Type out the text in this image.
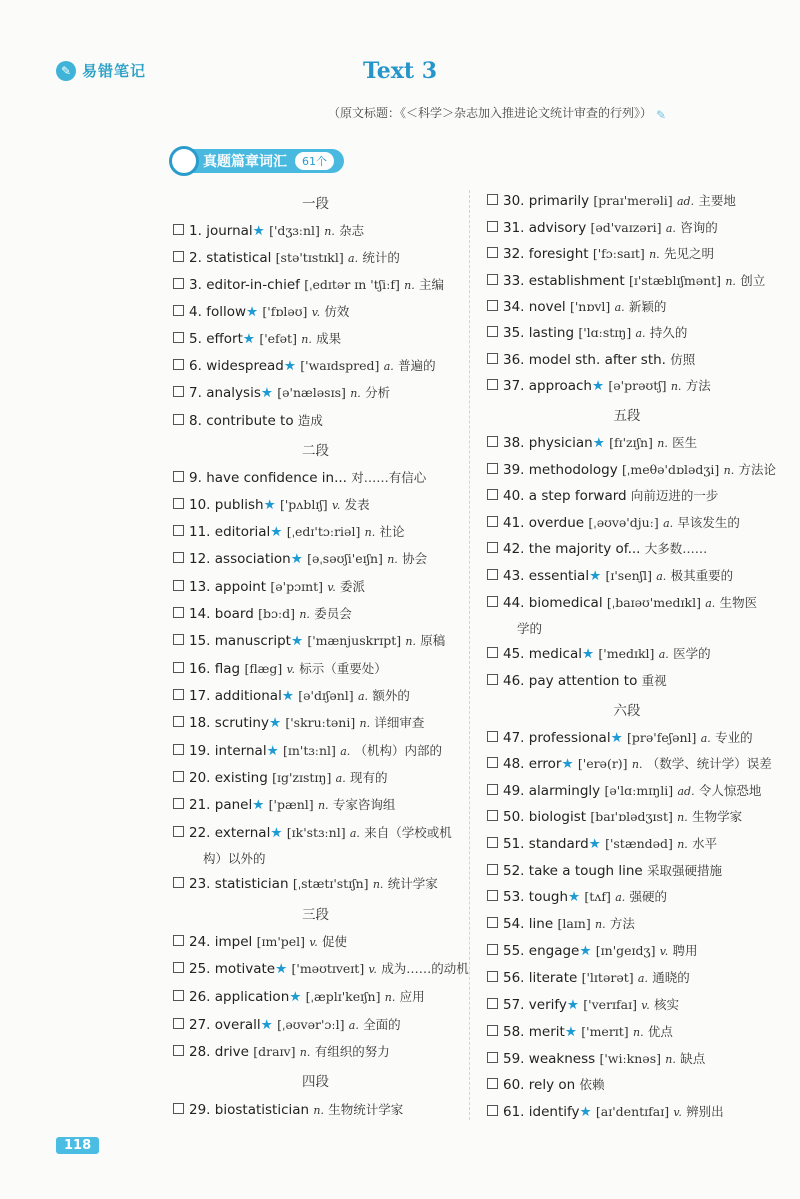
✎ 易错笔记	Text 3
（原文标题：《＜科学＞杂志加入推进论文统计审查的行列》） ✎
真题篇章词汇	61个
一段
1. journal★ ['dʒɜːnl] n. 杂志
2. statistical [stə'tɪstɪkl] a. 统计的
3. editor-in-chief [ˌedɪtər ɪn 'tʃiːf] n. 主编
4. follow★ ['fɒləʊ] v. 仿效
5. effort★ ['efət] n. 成果
6. widespread★ ['waɪdspred] a. 普遍的
7. analysis★ [ə'næləsɪs] n. 分析
8. contribute to 造成
二段
9. have confidence in... 对……有信心
10. publish★ ['pʌblɪʃ] v. 发表
11. editorial★ [ˌedɪ'tɔːriəl] n. 社论
12. association★ [əˌsəʊʃi'eɪʃn] n. 协会
13. appoint [ə'pɔɪnt] v. 委派
14. board [bɔːd] n. 委员会
15. manuscript★ ['mænjuskrɪpt] n. 原稿
16. flag [flæg] v. 标示（重要处）
17. additional★ [ə'dɪʃənl] a. 额外的
18. scrutiny★ ['skruːtəni] n. 详细审查
19. internal★ [ɪn'tɜːnl] a. （机构）内部的
20. existing [ɪg'zɪstɪŋ] a. 现有的
21. panel★ ['pænl] n. 专家咨询组
22. external★ [ɪk'stɜːnl] a. 来自（学校或机
构）以外的
三段
23. statistician [ˌstætɪ'stɪʃn] n. 统计学家
24. impel [ɪm'pel] v. 促使
25. motivate★ ['məʊtɪveɪt] v. 成为……的动机
26. application★ [ˌæplɪ'keɪʃn] n. 应用
27. overall★ [ˌəʊvər'ɔːl] a. 全面的
28. drive [draɪv] n. 有组织的努力
四段
29. biostatistician n. 生物统计学家
30. primarily [praɪ'merəli] ad. 主要地
31. advisory [əd'vaɪzəri] a. 咨询的
32. foresight ['fɔːsaɪt] n. 先见之明
33. establishment [ɪ'stæblɪʃmənt] n. 创立
34. novel ['nɒvl] a. 新颖的
35. lasting ['lɑːstɪŋ] a. 持久的
36. model sth. after sth. 仿照
37. approach★ [ə'prəʊtʃ] n. 方法
五段
38. physician★ [fɪ'zɪʃn] n. 医生
39. methodology [ˌmeθə'dɒlədʒi] n. 方法论
40. a step forward 向前迈进的一步
41. overdue [ˌəʊvə'djuː] a. 早该发生的
42. the majority of... 大多数……
43. essential★ [ɪ'senʃl] a. 极其重要的
44. biomedical [ˌbaɪəʊ'medɪkl] a. 生物医
学的
45. medical★ ['medɪkl] a. 医学的
46. pay attention to 重视
六段
47. professional★ [prə'feʃənl] a. 专业的
48. error★ ['erə(r)] n. （数学、统计学）误差
49. alarmingly [ə'lɑːmɪŋli] ad. 令人惊恐地
50. biologist [baɪ'ɒlədʒɪst] n. 生物学家
51. standard★ ['stændəd] n. 水平
52. take a tough line 采取强硬措施
53. tough★ [tʌf] a. 强硬的
54. line [laɪn] n. 方法
55. engage★ [ɪn'geɪdʒ] v. 聘用
56. literate ['lɪtərət] a. 通晓的
57. verify★ ['verɪfaɪ] v. 核实
58. merit★ ['merɪt] n. 优点
59. weakness ['wiːknəs] n. 缺点
60. rely on 依赖
61. identify★ [aɪ'dentɪfaɪ] v. 辨别出
118
